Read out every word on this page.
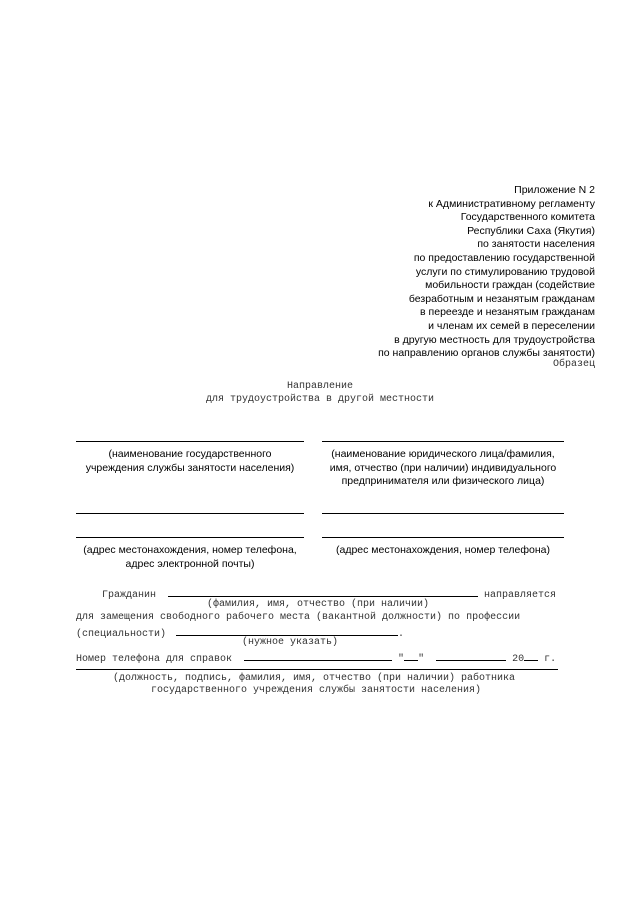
Приложение N 2
к Административному регламенту
Государственного комитета
Республики Саха (Якутия)
по занятости населения
по предоставлению государственной
услуги по стимулированию трудовой
мобильности граждан (содействие
безработным и незанятым гражданам
в переезде и незанятым гражданам
и членам их семей в переселении
в другую местность для трудоустройства
по направлению органов службы занятости)
Образец
Направление
для трудоустройства в другой местности
(наименование государственного
учреждения службы занятости населения)
(наименование юридического лица/фамилия,
имя, отчество (при наличии) индивидуального
предпринимателя или физического лица)
(адрес местонахождения, номер телефона,
адрес электронной почты)
(адрес местонахождения, номер телефона)
Гражданин	направляется
(фамилия, имя, отчество (при наличии)
для замещения свободного рабочего места (вакантной должности) по профессии
(специальности)	.
(нужное указать)
Номер телефона для справок	" "	20 г.
(должность, подпись, фамилия, имя, отчество (при наличии) работника
государственного учреждения службы занятости населения)
